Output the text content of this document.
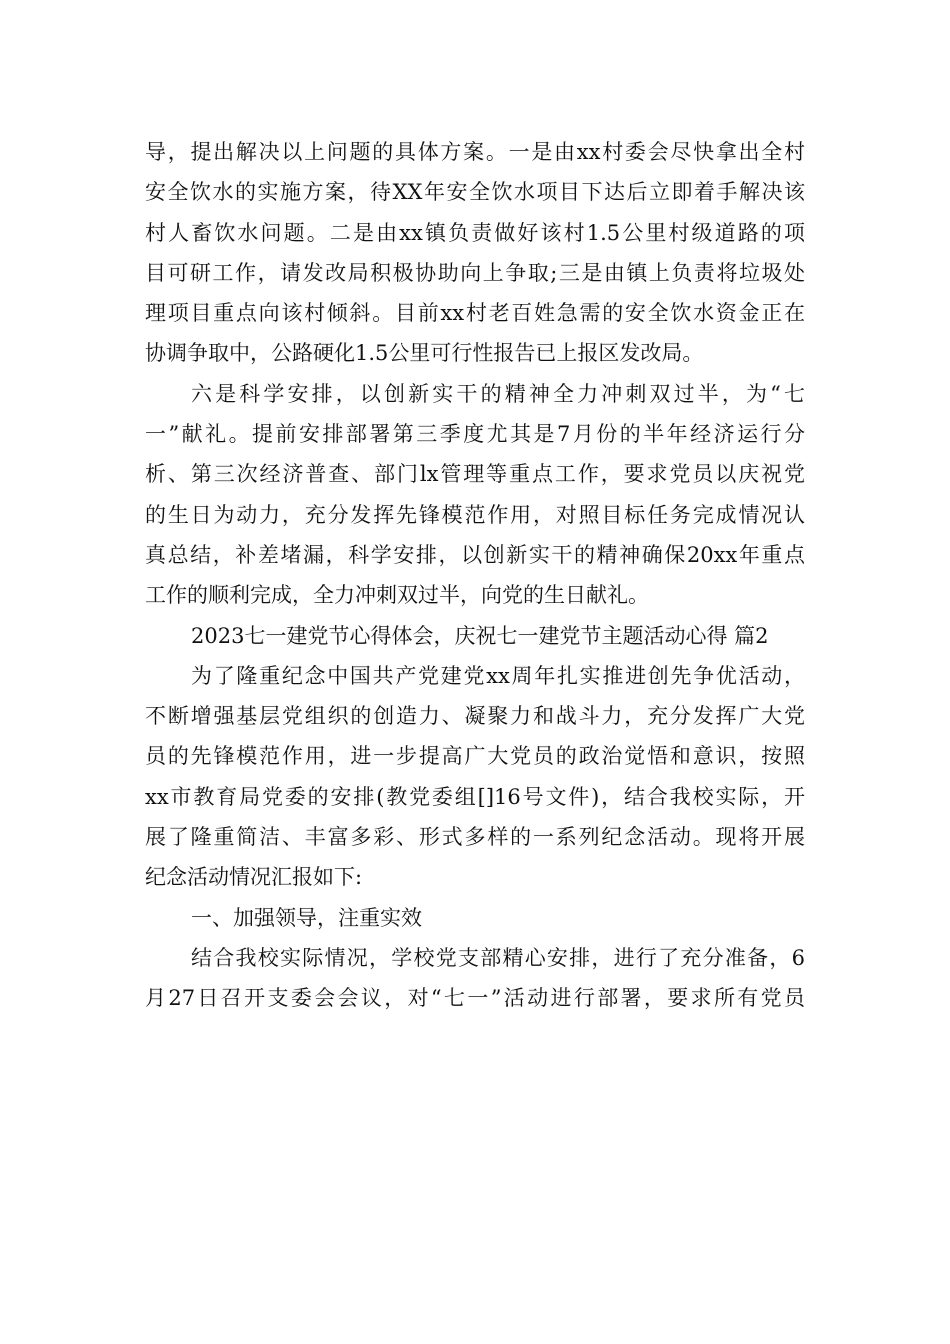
导，提出解决以上问题的具体方案。一是由xx村委会尽快拿出全村
安全饮水的实施方案，待XX年安全饮水项目下达后立即着手解决该
村人畜饮水问题。二是由xx镇负责做好该村1.5公里村级道路的项
目可研工作，请发改局积极协助向上争取;三是由镇上负责将垃圾处
理项目重点向该村倾斜。目前xx村老百姓急需的安全饮水资金正在
协调争取中，公路硬化1.5公里可行性报告已上报区发改局。
六是科学安排，以创新实干的精神全力冲刺双过半，为“七
一”献礼。提前安排部署第三季度尤其是7月份的半年经济运行分
析、第三次经济普查、部门lx管理等重点工作，要求党员以庆祝党
的生日为动力，充分发挥先锋模范作用，对照目标任务完成情况认
真总结，补差堵漏，科学安排，以创新实干的精神确保20xx年重点
工作的顺利完成，全力冲刺双过半，向党的生日献礼。
2023七一建党节心得体会，庆祝七一建党节主题活动心得 篇2
为了隆重纪念中国共产党建党xx周年扎实推进创先争优活动，
不断增强基层党组织的创造力、凝聚力和战斗力，充分发挥广大党
员的先锋模范作用，进一步提高广大党员的政治觉悟和意识，按照
xx市教育局党委的安排(教党委组[]16号文件)，结合我校实际，开
展了隆重简洁、丰富多彩、形式多样的一系列纪念活动。现将开展
纪念活动情况汇报如下:
一、加强领导，注重实效
结合我校实际情况，学校党支部精心安排，进行了充分准备，6
月27日召开支委会会议，对“七一”活动进行部署，要求所有党员
